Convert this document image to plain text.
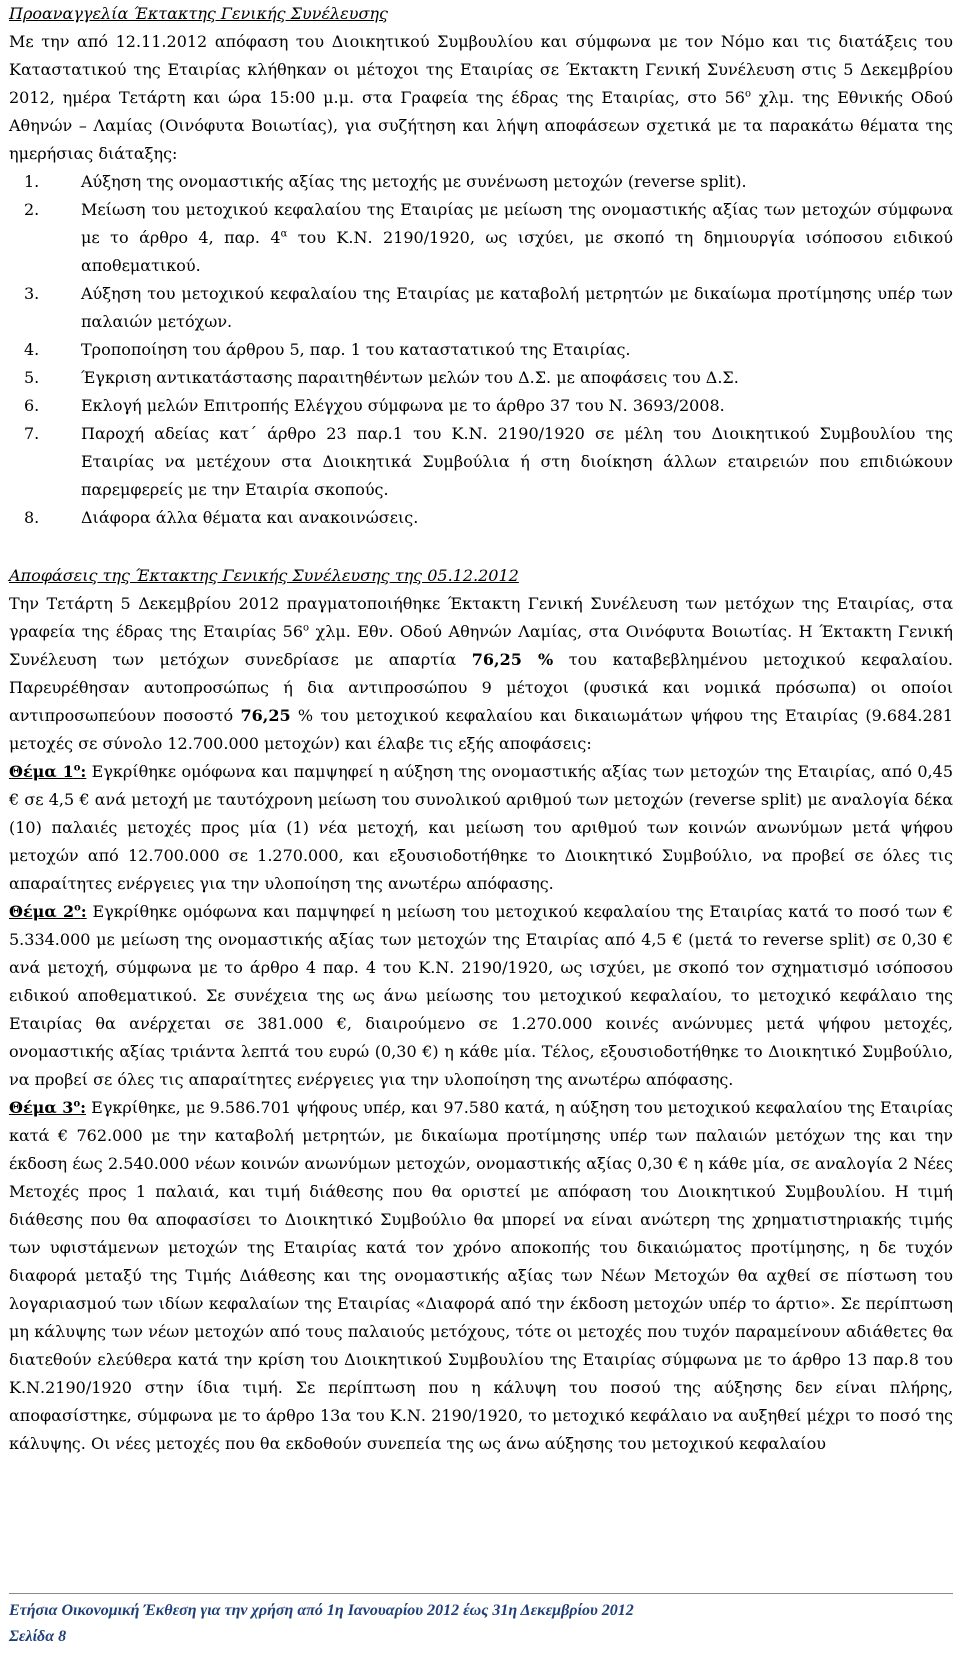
Προαναγγελία Έκτακτης Γενικής Συνέλευσης

Με την από 12.11.2012 απόφαση του Διοικητικού Συμβουλίου και σύμφωνα με τον Νόμο και τις διατάξεις του Καταστατικού της Εταιρίας κλήθηκαν οι μέτοχοι της Εταιρίας σε Έκτακτη Γενική Συνέλευση στις 5 Δεκεμβρίου 2012, ημέρα Τετάρτη και ώρα 15:00 μ.μ. στα Γραφεία της έδρας της Εταιρίας, στο $56^o$ χλμ. της Εθνικής Οδού Αθηνών – Λαμίας (Οινόφυτα Βοιωτίας), για συζήτηση και λήψη αποφάσεων σχετικά με τα παρακάτω θέματα της ημερήσιας διάταξης:

1.	Αύξηση της ονομαστικής αξίας της μετοχής με συνένωση μετοχών (reverse split).
2.	Μείωση του μετοχικού κεφαλαίου της Εταιρίας με μείωση της ονομαστικής αξίας των μετοχών σύμφωνα με το άρθρο 4, παρ. $4^\alpha$ του Κ.Ν. 2190/1920, ως ισχύει, με σκοπό τη δημιουργία ισόποσου ειδικού αποθεματικού.
3.	Αύξηση του μετοχικού κεφαλαίου της Εταιρίας με καταβολή μετρητών με δικαίωμα προτίμησης υπέρ των παλαιών μετόχων.
4.	Τροποποίηση του άρθρου 5, παρ. 1 του καταστατικού της Εταιρίας.
5.	Έγκριση αντικατάστασης παραιτηθέντων μελών του Δ.Σ. με αποφάσεις του Δ.Σ.
6.	Εκλογή μελών Επιτροπής Ελέγχου σύμφωνα με το άρθρο 37 του Ν. 3693/2008.
7.	Παροχή αδείας κατ΄ άρθρο 23 παρ.1 του Κ.Ν. 2190/1920 σε μέλη του Διοικητικού Συμβουλίου της Εταιρίας να μετέχουν στα Διοικητικά Συμβούλια ή στη διοίκηση άλλων εταιρειών που επιδιώκουν παρεμφερείς με την Εταιρία σκοπούς.
8.	Διάφορα άλλα θέματα και ανακοινώσεις.

Αποφάσεις της Έκτακτης Γενικής Συνέλευσης της 05.12.2012

Την Τετάρτη 5 Δεκεμβρίου 2012 πραγματοποιήθηκε Έκτακτη Γενική Συνέλευση των μετόχων της Εταιρίας, στα γραφεία της έδρας της Εταιρίας $56^o$ χλμ. Εθν. Οδού Αθηνών Λαμίας, στα Οινόφυτα Βοιωτίας. Η Έκτακτη Γενική Συνέλευση των μετόχων συνεδρίασε με απαρτία 76,25 % του καταβεβλημένου μετοχικού κεφαλαίου. Παρευρέθησαν αυτοπροσώπως ή δια αντιπροσώπου 9 μέτοχοι (φυσικά και νομικά πρόσωπα) οι οποίοι αντιπροσωπεύουν ποσοστό 76,25 % του μετοχικού κεφαλαίου και δικαιωμάτων ψήφου της Εταιρίας (9.684.281 μετοχές σε σύνολο 12.700.000 μετοχών) και έλαβε τις εξής αποφάσεις:

Θέμα $1^o$: Εγκρίθηκε ομόφωνα και παμψηφεί η αύξηση της ονομαστικής αξίας των μετοχών της Εταιρίας, από 0,45 € σε 4,5 € ανά μετοχή με ταυτόχρονη μείωση του συνολικού αριθμού των μετοχών (reverse split) με αναλογία δέκα (10) παλαιές μετοχές προς μία (1) νέα μετοχή, και μείωση του αριθμού των κοινών ανωνύμων μετά ψήφου μετοχών από 12.700.000 σε 1.270.000, και εξουσιοδοτήθηκε το Διοικητικό Συμβούλιο, να προβεί σε όλες τις απαραίτητες ενέργειες για την υλοποίηση της ανωτέρω απόφασης.

Θέμα $2^o$: Εγκρίθηκε ομόφωνα και παμψηφεί η μείωση του μετοχικού κεφαλαίου της Εταιρίας κατά το ποσό των € 5.334.000 με μείωση της ονομαστικής αξίας των μετοχών της Εταιρίας από 4,5 € (μετά το reverse split) σε 0,30 € ανά μετοχή, σύμφωνα με το άρθρο 4 παρ. 4 του Κ.Ν. 2190/1920, ως ισχύει, με σκοπό τον σχηματισμό ισόποσου ειδικού αποθεματικού. Σε συνέχεια της ως άνω μείωσης του μετοχικού κεφαλαίου, το μετοχικό κεφάλαιο της Εταιρίας θα ανέρχεται σε 381.000 €, διαιρούμενο σε 1.270.000 κοινές ανώνυμες μετά ψήφου μετοχές, ονομαστικής αξίας τριάντα λεπτά του ευρώ (0,30 €) η κάθε μία. Τέλος, εξουσιοδοτήθηκε το Διοικητικό Συμβούλιο, να προβεί σε όλες τις απαραίτητες ενέργειες για την υλοποίηση της ανωτέρω απόφασης.

Θέμα $3^o$: Εγκρίθηκε, με 9.586.701 ψήφους υπέρ, και 97.580 κατά, η αύξηση του μετοχικού κεφαλαίου της Εταιρίας κατά € 762.000 με την καταβολή μετρητών, με δικαίωμα προτίμησης υπέρ των παλαιών μετόχων της και την έκδοση έως 2.540.000 νέων κοινών ανωνύμων μετοχών, ονομαστικής αξίας 0,30 € η κάθε μία, σε αναλογία 2 Νέες Μετοχές προς 1 παλαιά, και τιμή διάθεσης που θα οριστεί με απόφαση του Διοικητικού Συμβουλίου. Η τιμή διάθεσης που θα αποφασίσει το Διοικητικό Συμβούλιο θα μπορεί να είναι ανώτερη της χρηματιστηριακής τιμής των υφιστάμενων μετοχών της Εταιρίας κατά τον χρόνο αποκοπής του δικαιώματος προτίμησης, η δε τυχόν διαφορά μεταξύ της Τιμής Διάθεσης και της ονομαστικής αξίας των Νέων Μετοχών θα αχθεί σε πίστωση του λογαριασμού των ιδίων κεφαλαίων της Εταιρίας «Διαφορά από την έκδοση μετοχών υπέρ το άρτιο». Σε περίπτωση μη κάλυψης των νέων μετοχών από τους παλαιούς μετόχους, τότε οι μετοχές που τυχόν παραμείνουν αδιάθετες θα διατεθούν ελεύθερα κατά την κρίση του Διοικητικού Συμβουλίου της Εταιρίας σύμφωνα με το άρθρο 13 παρ.8 του Κ.Ν.2190/1920 στην ίδια τιμή. Σε περίπτωση που η κάλυψη του ποσού της αύξησης δεν είναι πλήρης, αποφασίστηκε, σύμφωνα με το άρθρο 13α του Κ.Ν. 2190/1920, το μετοχικό κεφάλαιο να αυξηθεί μέχρι το ποσό της κάλυψης. Οι νέες μετοχές που θα εκδοθούν συνεπεία της ως άνω αύξησης του μετοχικού κεφαλαίου

Ετήσια Οικονομική Έκθεση για την χρήση από 1η Ιανουαρίου 2012 έως 31η Δεκεμβρίου 2012
Σελίδα 8
